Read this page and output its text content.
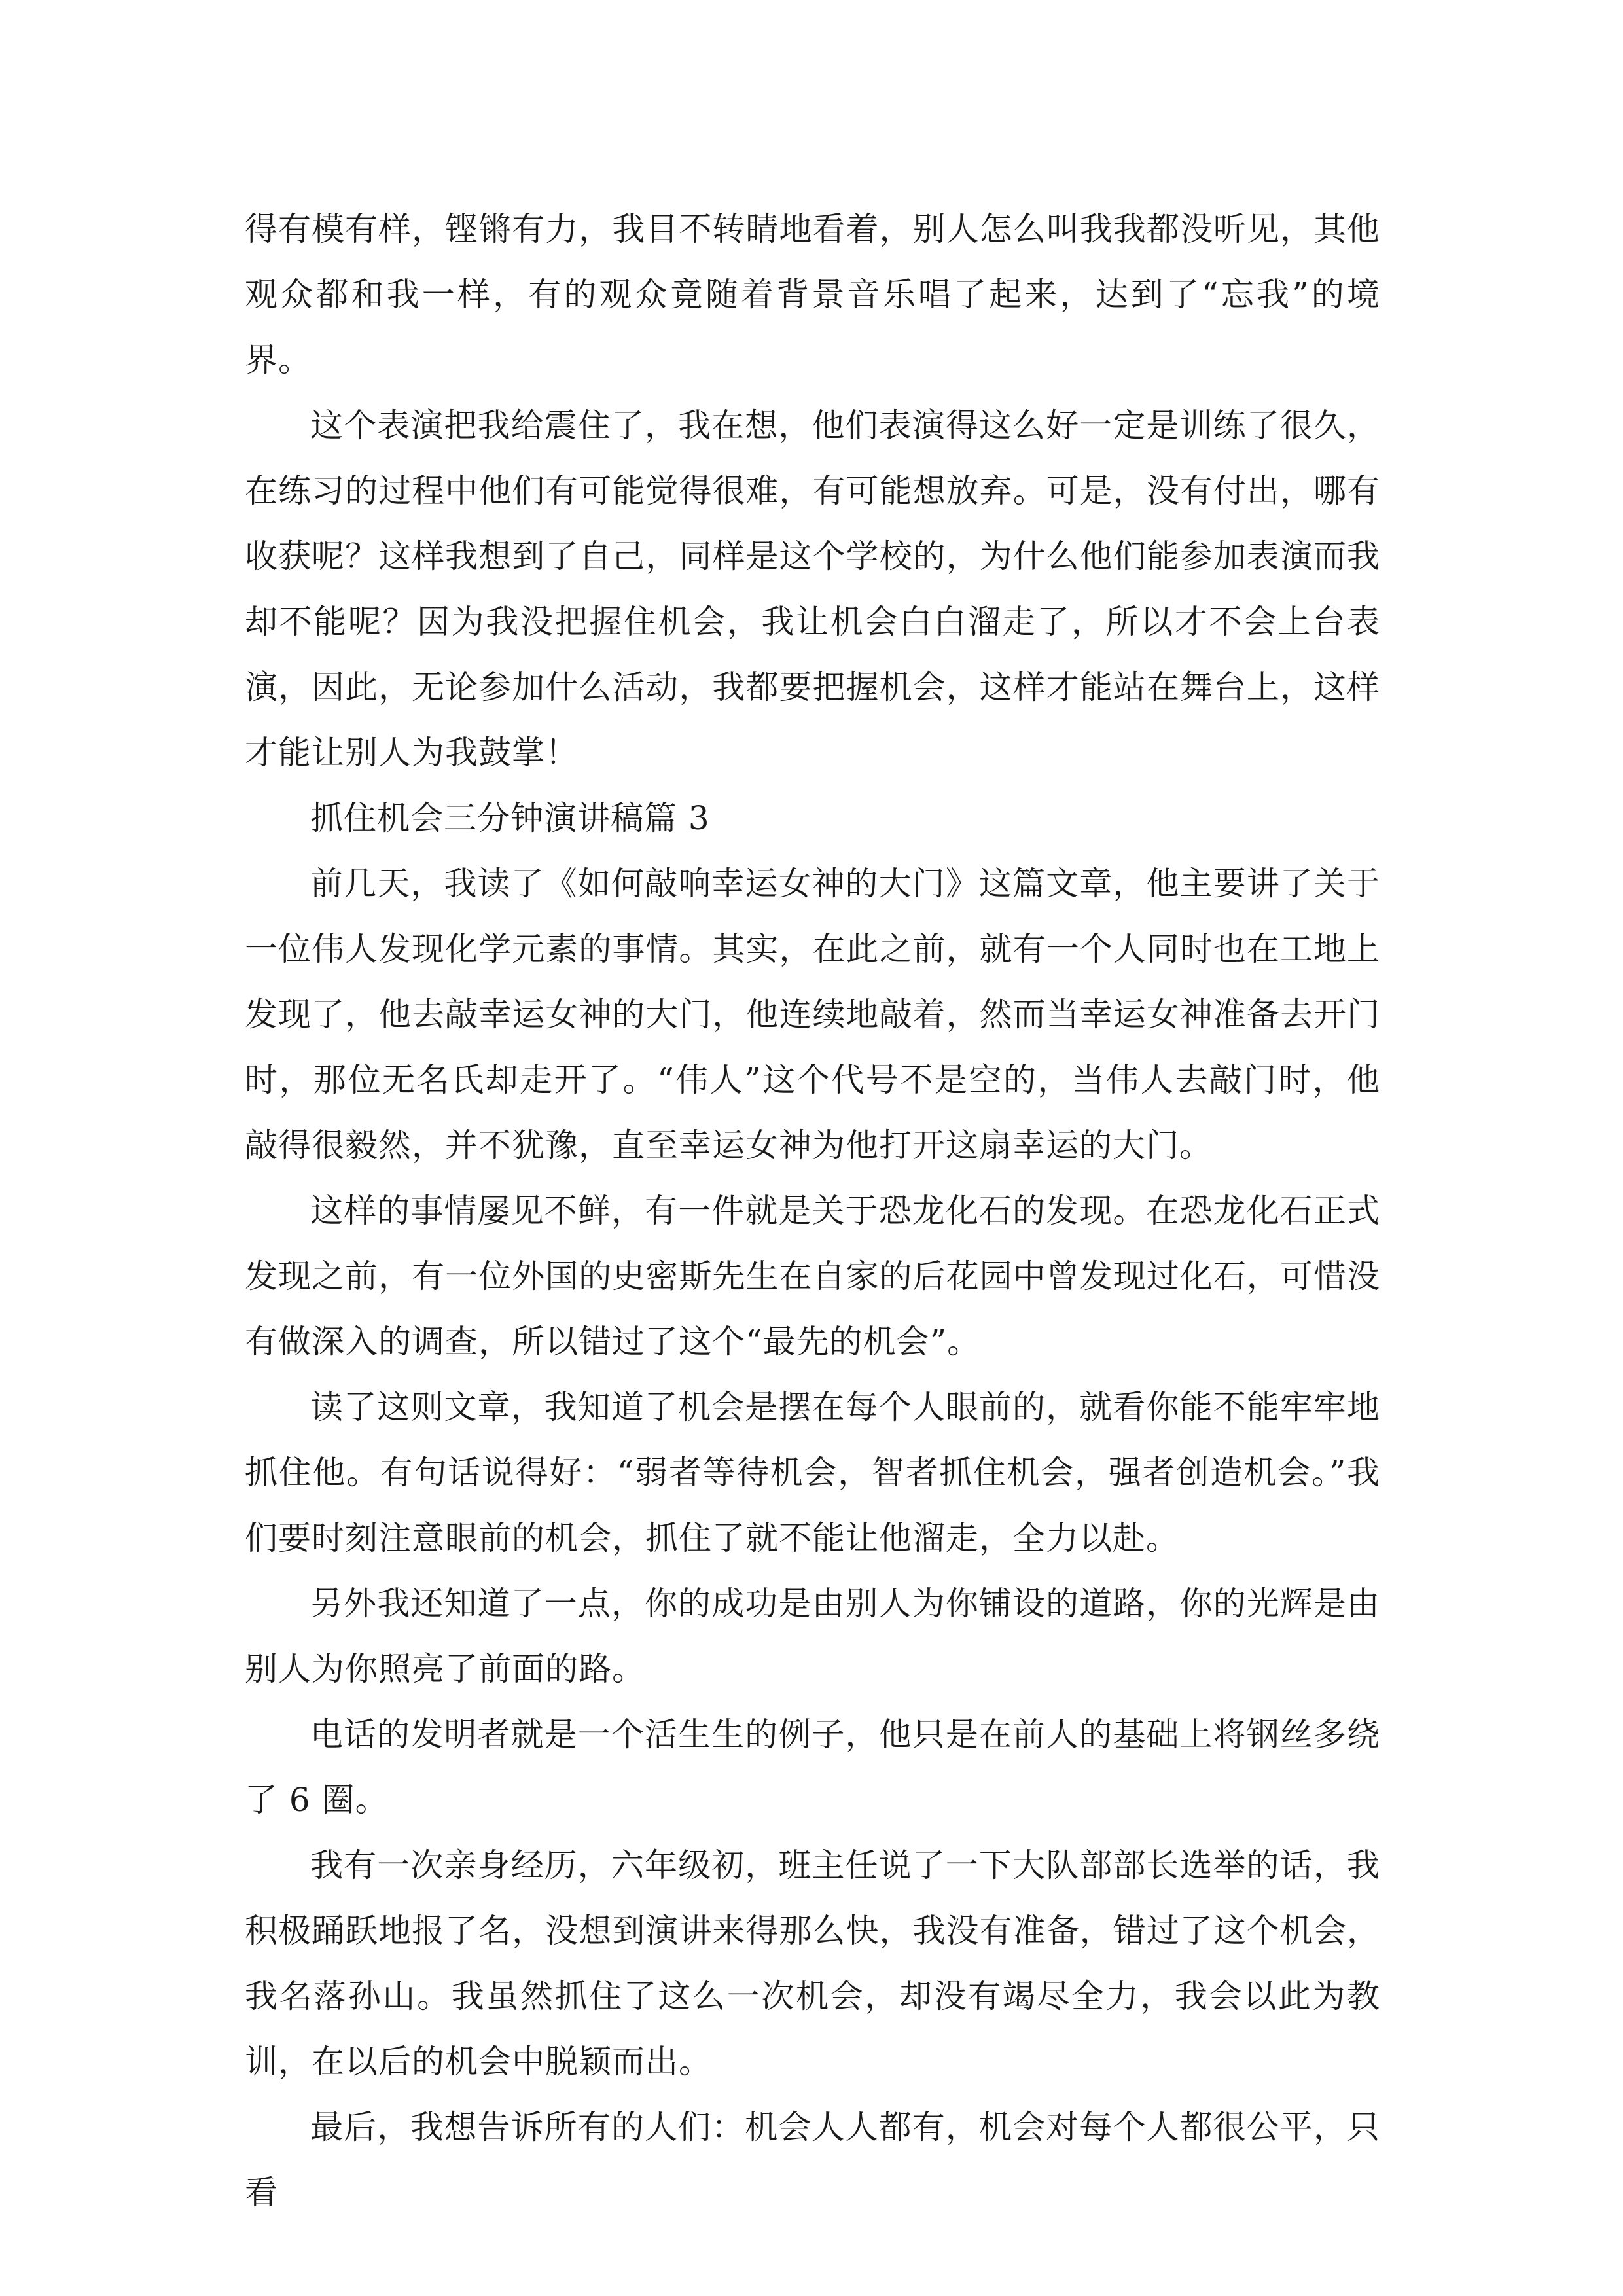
得有模有样，铿锵有力，我目不转睛地看着，别人怎么叫我我都没听见，其他观众都和我一样，有的观众竟随着背景音乐唱了起来，达到了“忘我”的境界。

这个表演把我给震住了，我在想，他们表演得这么好一定是训练了很久，在练习的过程中他们有可能觉得很难，有可能想放弃。可是，没有付出，哪有收获呢？这样我想到了自己，同样是这个学校的，为什么他们能参加表演而我却不能呢？因为我没把握住机会，我让机会白白溜走了，所以才不会上台表演，因此，无论参加什么活动，我都要把握机会，这样才能站在舞台上，这样才能让别人为我鼓掌！

抓住机会三分钟演讲稿篇 3

前几天，我读了《如何敲响幸运女神的大门》这篇文章，他主要讲了关于一位伟人发现化学元素的事情。其实，在此之前，就有一个人同时也在工地上发现了，他去敲幸运女神的大门，他连续地敲着，然而当幸运女神准备去开门时，那位无名氏却走开了。“伟人”这个代号不是空的，当伟人去敲门时，他敲得很毅然，并不犹豫，直至幸运女神为他打开这扇幸运的大门。

这样的事情屡见不鲜，有一件就是关于恐龙化石的发现。在恐龙化石正式发现之前，有一位外国的史密斯先生在自家的后花园中曾发现过化石，可惜没有做深入的调查，所以错过了这个“最先的机会”。

读了这则文章，我知道了机会是摆在每个人眼前的，就看你能不能牢牢地抓住他。有句话说得好：“弱者等待机会，智者抓住机会，强者创造机会。”我们要时刻注意眼前的机会，抓住了就不能让他溜走，全力以赴。

另外我还知道了一点，你的成功是由别人为你铺设的道路，你的光辉是由别人为你照亮了前面的路。

电话的发明者就是一个活生生的例子，他只是在前人的基础上将钢丝多绕了 6 圈。

我有一次亲身经历，六年级初，班主任说了一下大队部部长选举的话，我积极踊跃地报了名，没想到演讲来得那么快，我没有准备，错过了这个机会，我名落孙山。我虽然抓住了这么一次机会，却没有竭尽全力，我会以此为教训，在以后的机会中脱颖而出。

最后，我想告诉所有的人们：机会人人都有，机会对每个人都很公平，只看
